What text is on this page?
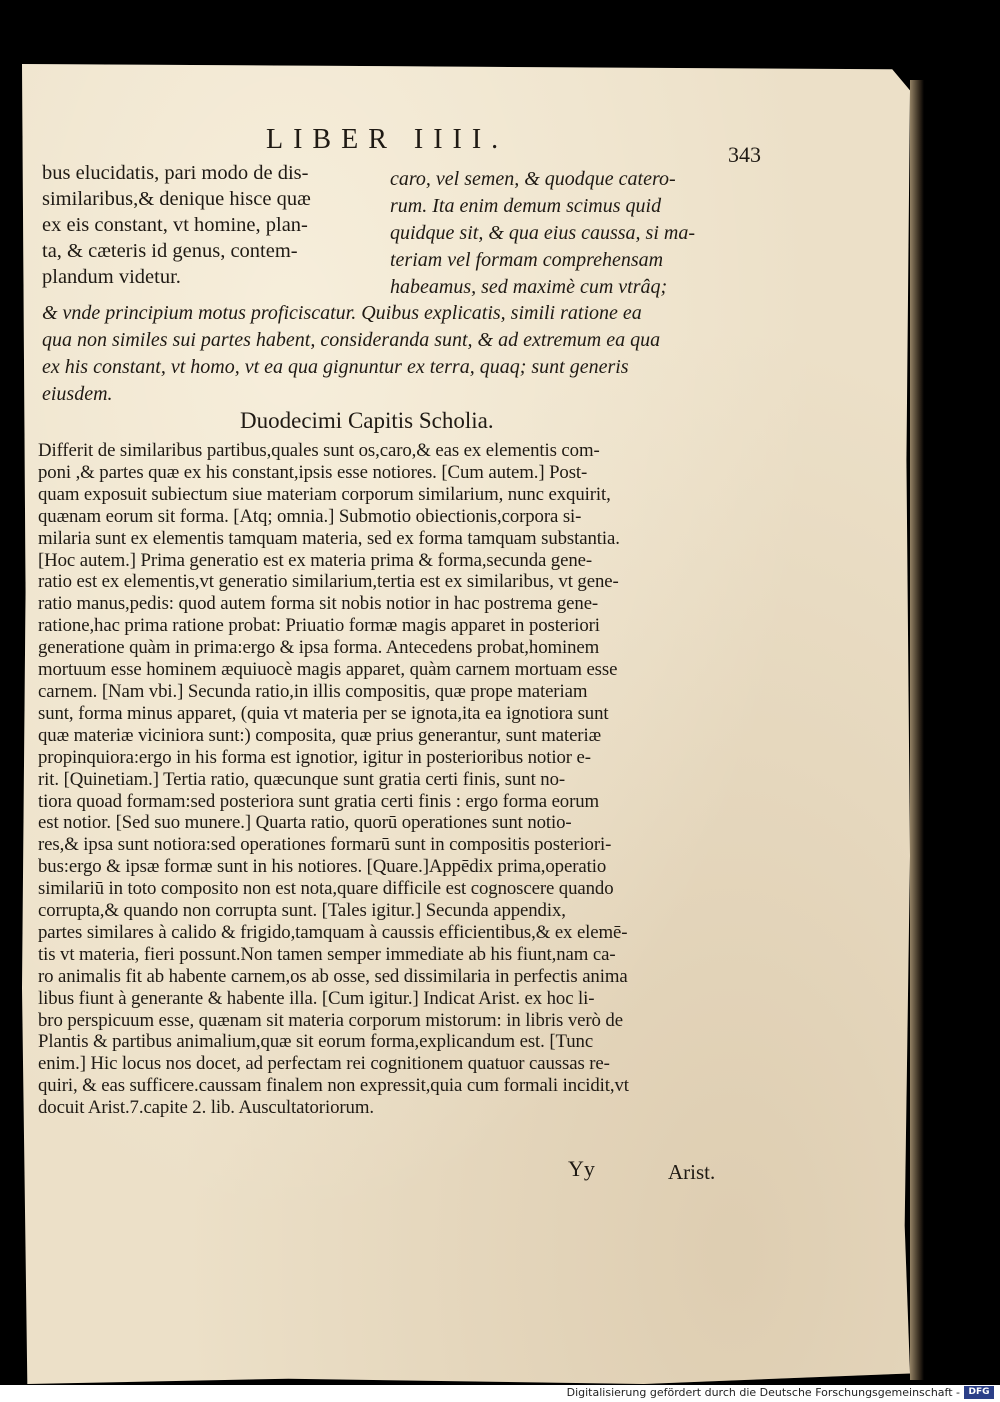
LIBER IIII.	343
bus elucidatis, pari modo de dis-
similaribus,& denique hisce quæ
ex eis constant, vt homine, plan-
ta, & cæteris id genus, contem-
plandum videtur.
caro, vel semen, & quodque catero-
rum. Ita enim demum scimus quid
quidque sit, & qua eius caussa, si ma-
teriam vel formam comprehensam
habeamus, sed maximè cum vtrâq;
& vnde principium motus proficiscatur. Quibus explicatis, simili ratione ea
qua non similes sui partes habent, consideranda sunt, & ad extremum ea qua
ex his constant, vt homo, vt ea qua gignuntur ex terra, quaq; sunt generis
eiusdem.
Duodecimi Capitis Scholia.
Differit de similaribus partibus,quales sunt os,caro,& eas ex elementis com-
poni ,& partes quæ ex his constant,ipsis esse notiores. [Cum autem.] Post-
quam exposuit subiectum siue materiam corporum similarium, nunc exquirit,
quænam eorum sit forma. [Atq; omnia.] Submotio obiectionis,corpora si-
milaria sunt ex elementis tamquam materia, sed ex forma tamquam substantia.
[Hoc autem.] Prima generatio est ex materia prima & forma,secunda gene-
ratio est ex elementis,vt generatio similarium,tertia est ex similaribus, vt gene-
ratio manus,pedis: quod autem forma sit nobis notior in hac postrema gene-
ratione,hac prima ratione probat: Priuatio formæ magis apparet in posteriori
generatione quàm in prima:ergo & ipsa forma. Antecedens probat,hominem
mortuum esse hominem æquiuocè magis apparet, quàm carnem mortuam esse
carnem. [Nam vbi.] Secunda ratio,in illis compositis, quæ prope materiam
sunt, forma minus apparet, (quia vt materia per se ignota,ita ea ignotiora sunt
quæ materiæ viciniora sunt:) composita, quæ prius generantur, sunt materiæ
propinquiora:ergo in his forma est ignotior, igitur in posterioribus notior e-
rit. [Quinetiam.] Tertia ratio, quæcunque sunt gratia certi finis, sunt no-
tiora quoad formam:sed posteriora sunt gratia certi finis : ergo forma eorum
est notior. [Sed suo munere.] Quarta ratio, quorū operationes sunt notio-
res,& ipsa sunt notiora:sed operationes formarū sunt in compositis posteriori-
bus:ergo & ipsæ formæ sunt in his notiores. [Quare.]Appēdix prima,operatio
similariū in toto composito non est nota,quare difficile est cognoscere quando
corrupta,& quando non corrupta sunt. [Tales igitur.] Secunda appendix,
partes similares à calido & frigido,tamquam à caussis efficientibus,& ex elemē-
tis vt materia, fieri possunt.Non tamen semper immediate ab his fiunt,nam ca-
ro animalis fit ab habente carnem,os ab osse, sed dissimilaria in perfectis anima
libus fiunt à generante & habente illa. [Cum igitur.] Indicat Arist. ex hoc li-
bro perspicuum esse, quænam sit materia corporum mistorum: in libris verò de
Plantis & partibus animalium,quæ sit eorum forma,explicandum est. [Tunc
enim.] Hic locus nos docet, ad perfectam rei cognitionem quatuor caussas re-
quiri, & eas sufficere.caussam finalem non expressit,quia cum formali incidit,vt
docuit Arist.7.capite 2. lib. Auscultatoriorum.
Yy	Arist.
Digitalisierung gefördert durch die Deutsche Forschungsgemeinschaft - DFG
